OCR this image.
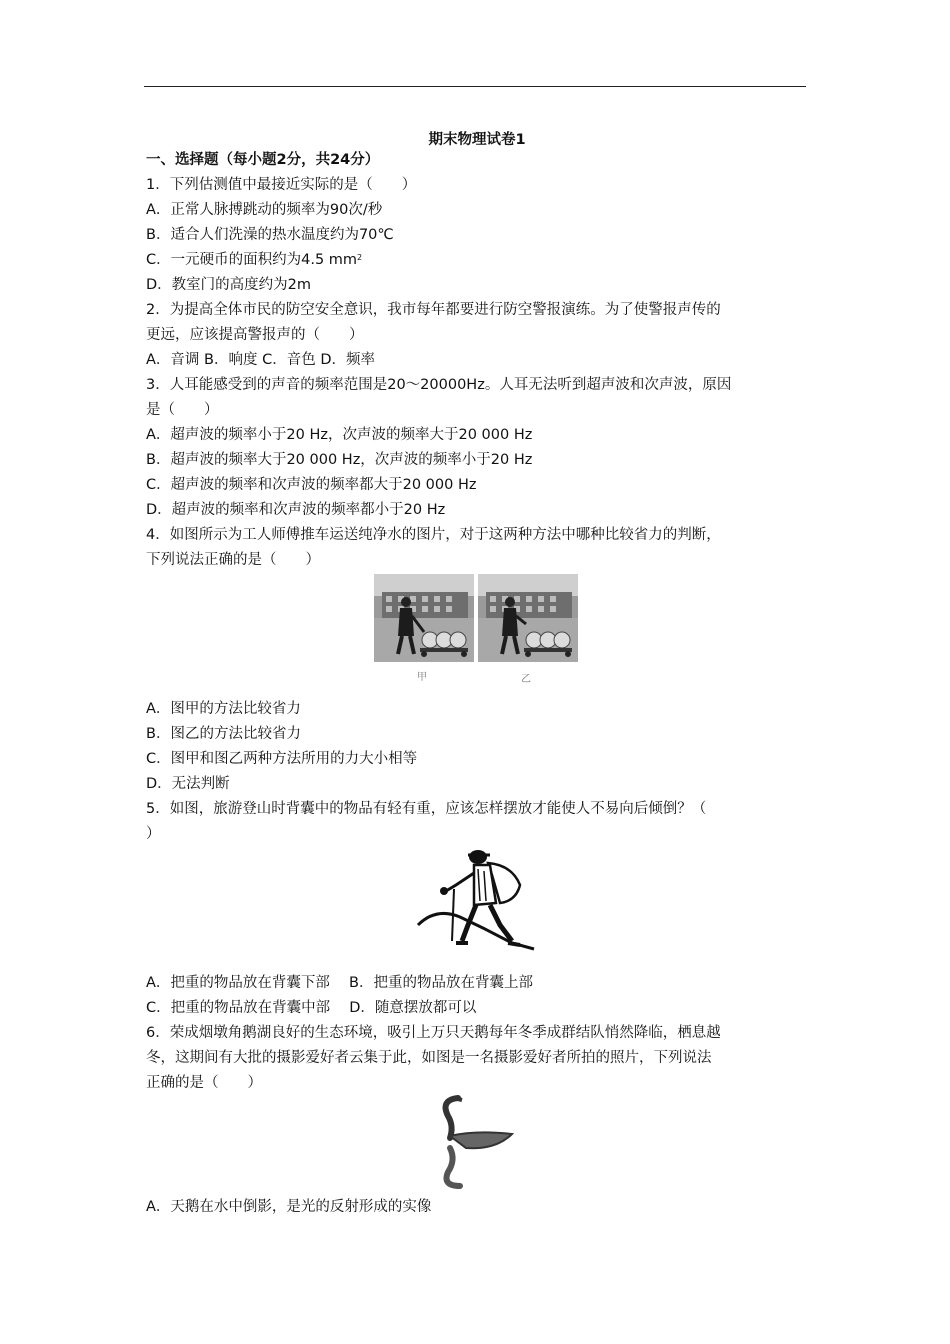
期末物理试卷1
一、选择题（每小题2分，共24分）
1．下列估测值中最接近实际的是（　　）
A．正常人脉搏跳动的频率为90次/秒
B．适合人们洗澡的热水温度约为70℃
C．一元硬币的面积约为4.5 $mm^2$
D．教室门的高度约为2m
2．为提高全体市民的防空安全意识，我市每年都要进行防空警报演练。为了使警报声传的
更远，应该提高警报声的（　　）
A．音调 B．响度 C．音色 D．频率
3．人耳能感受到的声音的频率范围是20～20000Hz。人耳无法听到超声波和次声波，原因
是（　　）
A．超声波的频率小于20 Hz，次声波的频率大于20 000 Hz
B．超声波的频率大于20 000 Hz，次声波的频率小于20 Hz
C．超声波的频率和次声波的频率都大于20 000 Hz
D．超声波的频率和次声波的频率都小于20 Hz
4．如图所示为工人师傅推车运送纯净水的图片，对于这两种方法中哪种比较省力的判断，
下列说法正确的是（　　）
甲	乙
A．图甲的方法比较省力
B．图乙的方法比较省力
C．图甲和图乙两种方法所用的力大小相等
D．无法判断
5．如图，旅游登山时背囊中的物品有轻有重，应该怎样摆放才能使人不易向后倾倒？（
）
A．把重的物品放在背囊下部　 B．把重的物品放在背囊上部
C．把重的物品放在背囊中部　 D．随意摆放都可以
6．荣成烟墩角鹅湖良好的生态环境，吸引上万只天鹅每年冬季成群结队悄然降临，栖息越
冬，这期间有大批的摄影爱好者云集于此，如图是一名摄影爱好者所拍的照片，下列说法
正确的是（　　）
A．天鹅在水中倒影，是光的反射形成的实像
